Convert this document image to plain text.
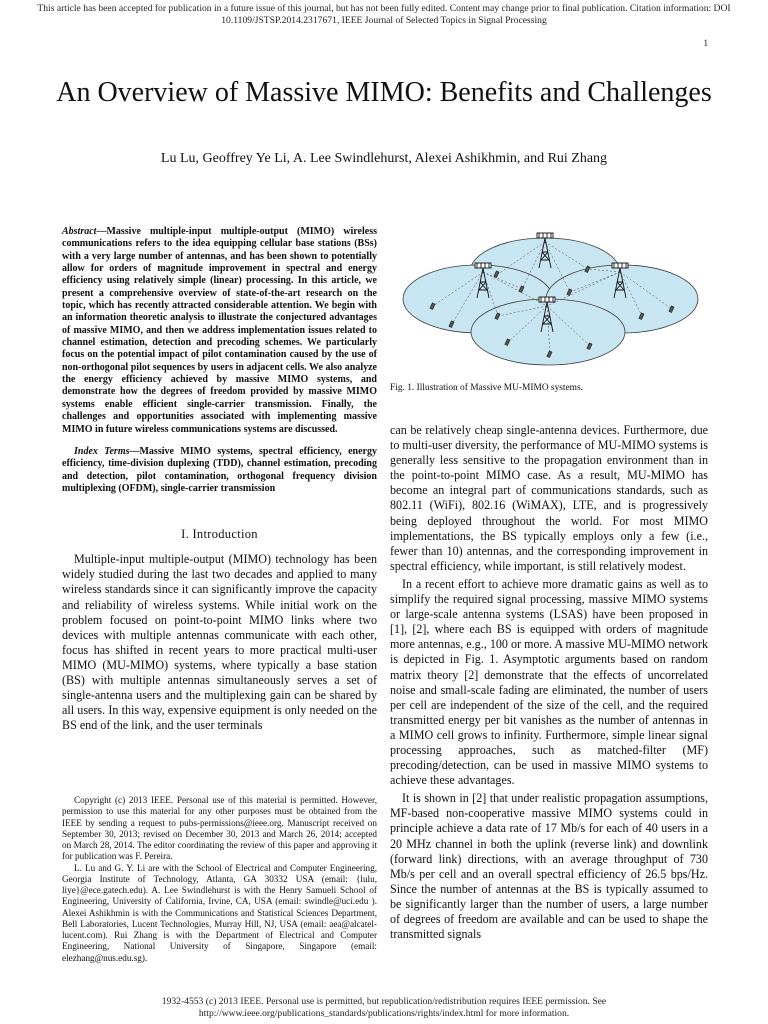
This article has been accepted for publication in a future issue of this journal, but has not been fully edited. Content may change prior to final publication. Citation information: DOI
10.1109/JSTSP.2014.2317671, IEEE Journal of Selected Topics in Signal Processing
1
An Overview of Massive MIMO: Benefits and Challenges
Lu Lu, Geoffrey Ye Li, A. Lee Swindlehurst, Alexei Ashikhmin, and Rui Zhang

Abstract—Massive multiple-input multiple-output (MIMO) wireless communications refers to the idea equipping cellular base stations (BSs) with a very large number of antennas, and has been shown to potentially allow for orders of magnitude improvement in spectral and energy efficiency using relatively simple (linear) processing. In this article, we present a comprehensive overview of state-of-the-art research on the topic, which has recently attracted considerable attention. We begin with an information theoretic analysis to illustrate the conjectured advantages of massive MIMO, and then we address implementation issues related to channel estimation, detection and precoding schemes. We particularly focus on the potential impact of pilot contamination caused by the use of non-orthogonal pilot sequences by users in adjacent cells. We also analyze the energy efficiency achieved by massive MIMO systems, and demonstrate how the degrees of freedom provided by massive MIMO systems enable efficient single-carrier transmission. Finally, the challenges and opportunities associated with implementing massive MIMO in future wireless communications systems are discussed.

Index Terms—Massive MIMO systems, spectral efficiency, energy efficiency, time-division duplexing (TDD), channel estimation, precoding and detection, pilot contamination, orthogonal frequency division multiplexing (OFDM), single-carrier transmission

I. Introduction

Multiple-input multiple-output (MIMO) technology has been widely studied during the last two decades and applied to many wireless standards since it can significantly improve the capacity and reliability of wireless systems. While initial work on the problem focused on point-to-point MIMO links where two devices with multiple antennas communicate with each other, focus has shifted in recent years to more practical multi-user MIMO (MU-MIMO) systems, where typically a base station (BS) with multiple antennas simultaneously serves a set of single-antenna users and the multiplexing gain can be shared by all users. In this way, expensive equipment is only needed on the BS end of the link, and the user terminals

Copyright (c) 2013 IEEE. Personal use of this material is permitted. However, permission to use this material for any other purposes must be obtained from the IEEE by sending a request to pubs-permissions@ieee.org. Manuscript received on September 30, 2013; revised on December 30, 2013 and March 26, 2014; accepted on March 28, 2014. The editor coordinating the review of this paper and approving it for publication was F. Pereira.

L. Lu and G. Y. Li are with the School of Electrical and Computer Engineering, Georgia Institute of Technology, Atlanta, GA 30332 USA (email: {lulu, liye}@ece.gatech.edu). A. Lee Swindlehurst is with the Henry Samueli School of Engineering, University of California, Irvine, CA, USA (email: swindle@uci.edu ). Alexei Ashikhmin is with the Communications and Statistical Sciences Department, Bell Laboratories, Lucent Technologies, Murray Hill, NJ, USA (email: aea@alcatel-lucent.com). Rui Zhang is with the Department of Electrical and Computer Engineering, National University of Singapore, Singapore (email: elezhang@nus.edu.sg).

Fig. 1. Illustration of Massive MU-MIMO systems.

can be relatively cheap single-antenna devices. Furthermore, due to multi-user diversity, the performance of MU-MIMO systems is generally less sensitive to the propagation environment than in the point-to-point MIMO case. As a result, MU-MIMO has become an integral part of communications standards, such as 802.11 (WiFi), 802.16 (WiMAX), LTE, and is progressively being deployed throughout the world. For most MIMO implementations, the BS typically employs only a few (i.e., fewer than 10) antennas, and the corresponding improvement in spectral efficiency, while important, is still relatively modest.

In a recent effort to achieve more dramatic gains as well as to simplify the required signal processing, massive MIMO systems or large-scale antenna systems (LSAS) have been proposed in [1], [2], where each BS is equipped with orders of magnitude more antennas, e.g., 100 or more. A massive MU-MIMO network is depicted in Fig. 1. Asymptotic arguments based on random matrix theory [2] demonstrate that the effects of uncorrelated noise and small-scale fading are eliminated, the number of users per cell are independent of the size of the cell, and the required transmitted energy per bit vanishes as the number of antennas in a MIMO cell grows to infinity. Furthermore, simple linear signal processing approaches, such as matched-filter (MF) precoding/detection, can be used in massive MIMO systems to achieve these advantages.

It is shown in [2] that under realistic propagation assumptions, MF-based non-cooperative massive MIMO systems could in principle achieve a data rate of 17 Mb/s for each of 40 users in a 20 MHz channel in both the uplink (reverse link) and downlink (forward link) directions, with an average throughput of 730 Mb/s per cell and an overall spectral efficiency of 26.5 bps/Hz. Since the number of antennas at the BS is typically assumed to be significantly larger than the number of users, a large number of degrees of freedom are available and can be used to shape the transmitted signals

1932-4553 (c) 2013 IEEE. Personal use is permitted, but republication/redistribution requires IEEE permission. See
http://www.ieee.org/publications_standards/publications/rights/index.html for more information.
